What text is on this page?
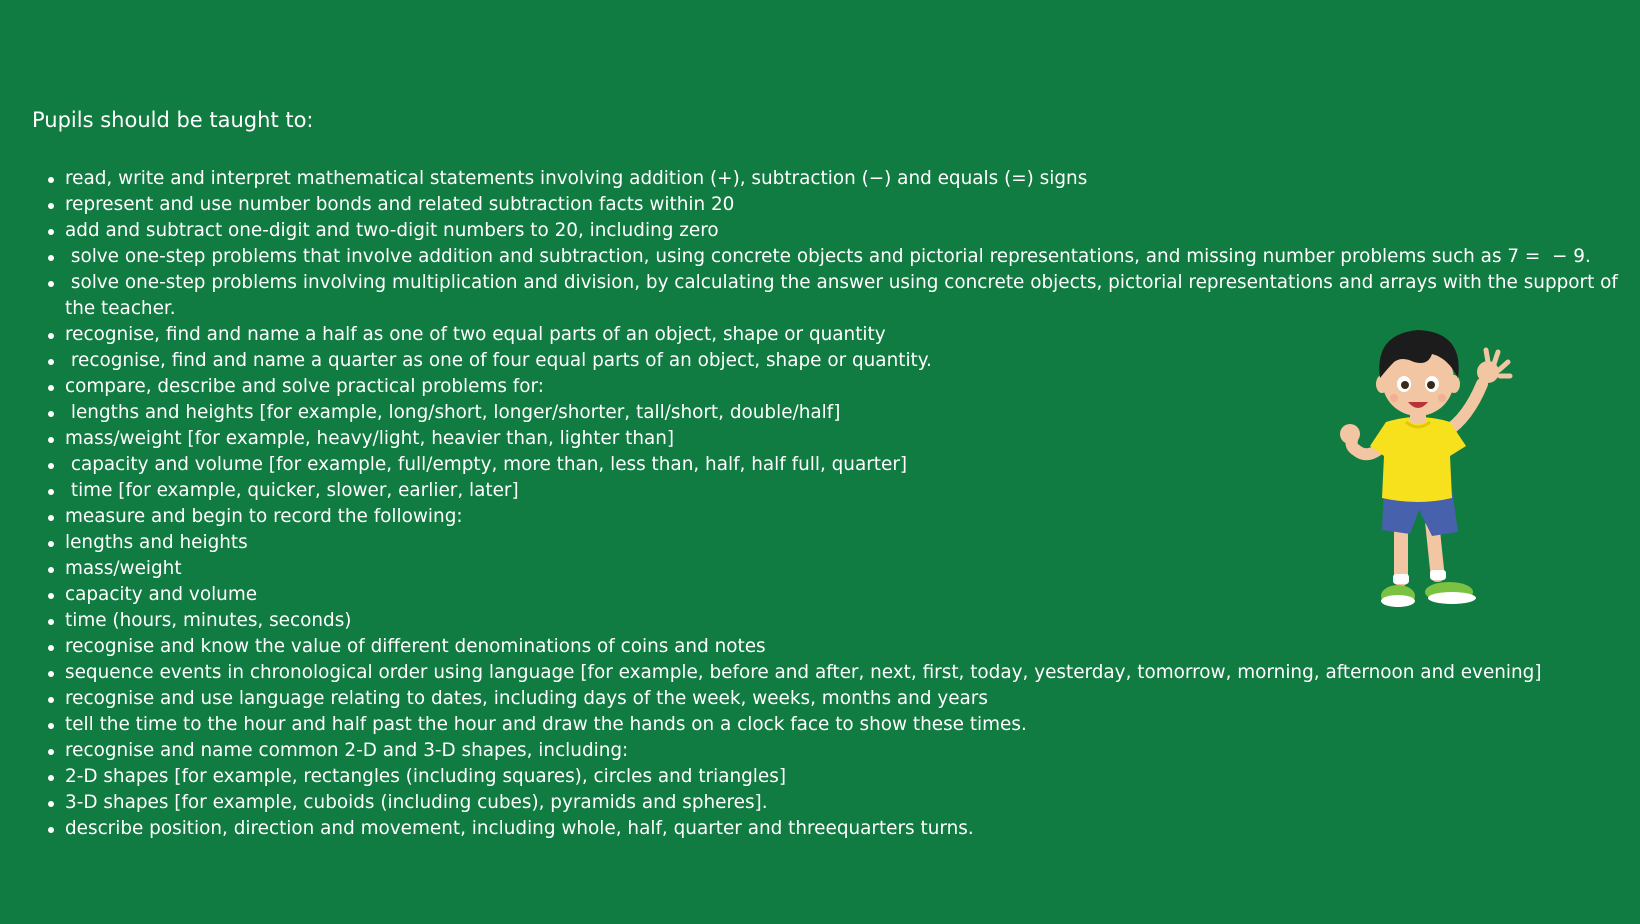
Pupils should be taught to:
read, write and interpret mathematical statements involving addition (+), subtraction (−) and equals (=) signs
represent and use number bonds and related subtraction facts within 20
add and subtract one-digit and two-digit numbers to 20, including zero
solve one-step problems that involve addition and subtraction, using concrete objects and pictorial representations, and missing number problems such as 7 =  − 9.
solve one-step problems involving multiplication and division, by calculating the answer using concrete objects, pictorial representations and arrays with the support of the teacher.
recognise, find and name a half as one of two equal parts of an object, shape or quantity
recognise, find and name a quarter as one of four equal parts of an object, shape or quantity.
compare, describe and solve practical problems for:
lengths and heights [for example, long/short, longer/shorter, tall/short, double/half]
mass/weight [for example, heavy/light, heavier than, lighter than]
capacity and volume [for example, full/empty, more than, less than, half, half full, quarter]
time [for example, quicker, slower, earlier, later]
measure and begin to record the following:
lengths and heights
mass/weight
capacity and volume
time (hours, minutes, seconds)
recognise and know the value of different denominations of coins and notes
sequence events in chronological order using language [for example, before and after, next, first, today, yesterday, tomorrow, morning, afternoon and evening]
recognise and use language relating to dates, including days of the week, weeks, months and years
tell the time to the hour and half past the hour and draw the hands on a clock face to show these times.
recognise and name common 2-D and 3-D shapes, including:
2-D shapes [for example, rectangles (including squares), circles and triangles]
3-D shapes [for example, cuboids (including cubes), pyramids and spheres].
describe position, direction and movement, including whole, half, quarter and threequarters turns.
